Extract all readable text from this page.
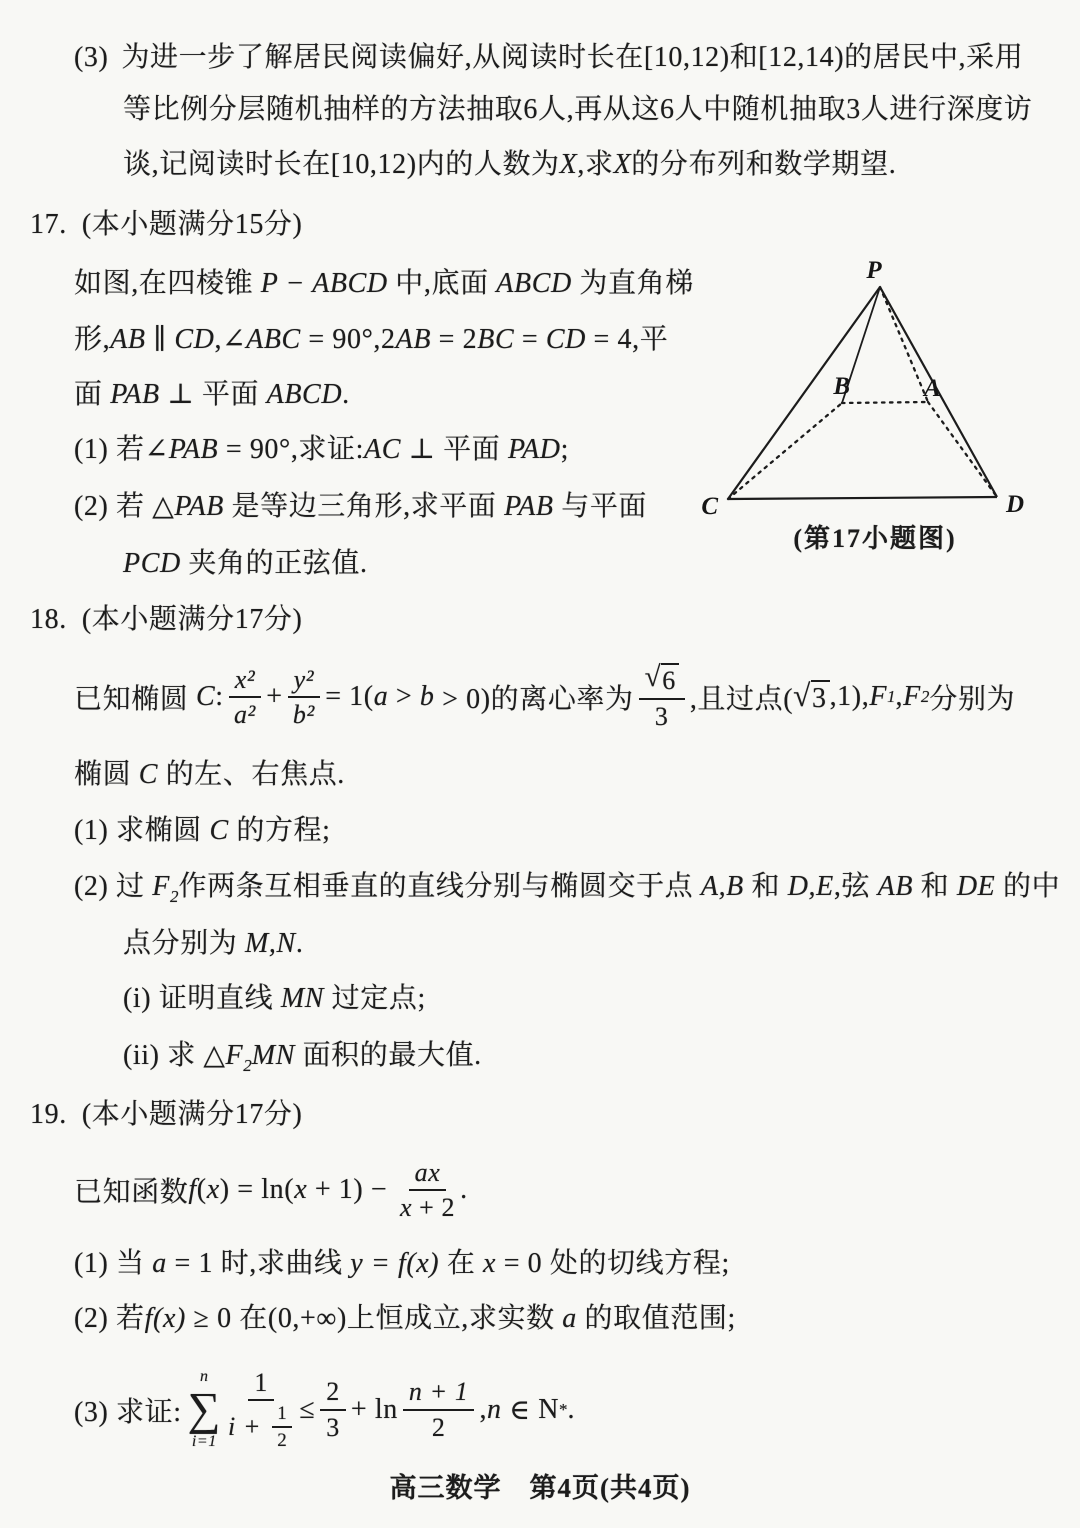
(3) 为进一步了解居民阅读偏好,从阅读时长在[10,12)和[12,14)的居民中,采用
等比例分层随机抽样的方法抽取6人,再从这6人中随机抽取3人进行深度访
谈,记阅读时长在[10,12)内的人数为X,求X的分布列和数学期望.
17. (本小题满分15分)
如图,在四棱锥 P − ABCD 中,底面 ABCD 为直角梯
形,AB ∥ CD,∠ABC = 90°,2AB = 2BC = CD = 4,平
面 PAB ⊥ 平面 ABCD.
(1) 若∠PAB = 90°,求证:AC ⊥ 平面 PAD;
(2) 若 △PAB 是等边三角形,求平面 PAB 与平面
PCD 夹角的正弦值.
P
B	A
C	D
(第17小题图)
18. (本小题满分17分)
已知椭圆 C : $\frac{\text{x²}}{\text{a²}} + \frac{\text{y²}}{\text{b²}} = 1$( a > b > 0)的离心率为 $\frac{√ 6}{3}$ ,且过点( √ 3 ,1), F 1 , F 2 分别为
椭圆 C 的左、右焦点.
(1) 求椭圆 C 的方程;
(2) 过 $F_2$作两条互相垂直的直线分别与椭圆交于点 A,B 和 D,E,弦 AB 和 DE 的中
点分别为 M,N.
(i) 证明直线 MN 过定点;
(ii) 求 $\triangle F_2MN$ 面积的最大值.
19. (本小题满分17分)
已知函数 f ( x ) = ln( $x + 1) - \frac{ax}{x + 2}$ .
(1) 当 a = 1 时,求曲线 y = f(x) 在 x = 0 处的切线方程;
(2) 若f(x) ≥ 0 在(0,+∞)上恒成立,求实数 a 的取值范围;
(3) 求证:
n
∑
$i=1 \frac{1}{i + \frac{1}{2}} \le \frac{2}{3} + \ln \frac{n + 1}{2}$ , n ∈ N * .
高三数学　第4页(共4页)
